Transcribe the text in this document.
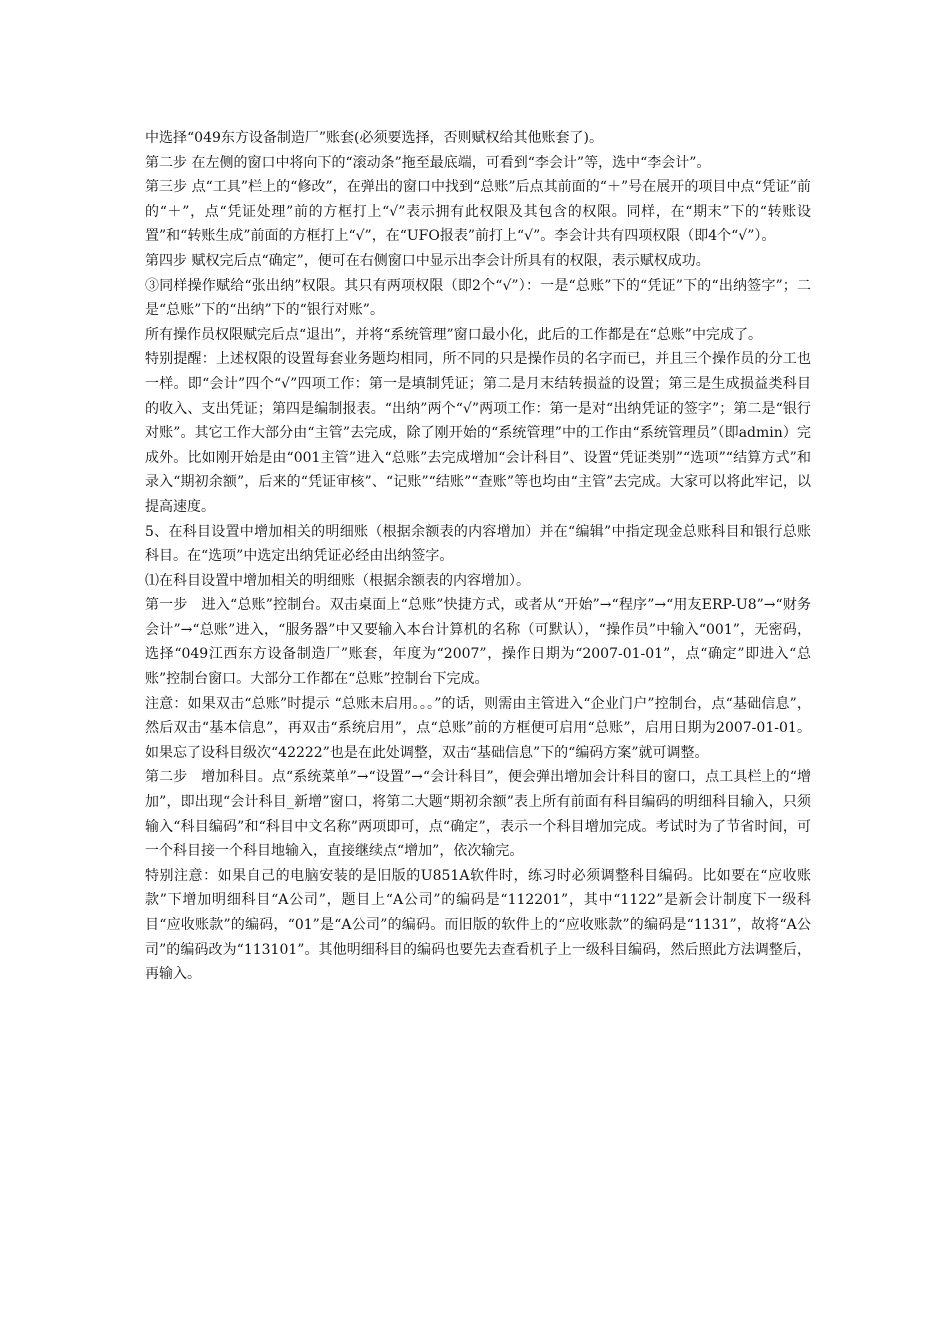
中选择“049东方设备制造厂”账套(必须要选择，否则赋权给其他账套了)。

第二步 在左侧的窗口中将向下的“滚动条”拖至最底端，可看到“李会计”等，选中“李会计”。

第三步 点“工具”栏上的“修改”，在弹出的窗口中找到“总账”后点其前面的“＋”号在展开的项目中点“凭证”前的“＋”，点“凭证处理”前的方框打上“√”表示拥有此权限及其包含的权限。同样，在“期末”下的“转账设置”和“转账生成”前面的方框打上“√”，在“UFO报表”前打上“√”。李会计共有四项权限（即4个“√”）。

第四步 赋权完后点“确定”，便可在右侧窗口中显示出李会计所具有的权限，表示赋权成功。

③同样操作赋给“张出纳”权限。其只有两项权限（即2个“√”）：一是“总账”下的“凭证”下的“出纳签字”；二是“总账”下的“出纳”下的“银行对账”。

所有操作员权限赋完后点“退出”，并将“系统管理”窗口最小化，此后的工作都是在“总账”中完成了。

特别提醒：上述权限的设置每套业务题均相同，所不同的只是操作员的名字而已，并且三个操作员的分工也一样。即“会计”四个“√”四项工作：第一是填制凭证；第二是月末结转损益的设置；第三是生成损益类科目的收入、支出凭证；第四是编制报表。“出纳”两个“√”两项工作：第一是对“出纳凭证的签字”；第二是“银行对账”。其它工作大部分由“主管”去完成，除了刚开始的“系统管理”中的工作由“系统管理员”（即admin）完成外。比如刚开始是由“001主管”进入“总账”去完成增加“会计科目”、设置“凭证类别”“选项”“结算方式”和录入“期初余额”，后来的“凭证审核”、“记账”“结账”“查账”等也均由“主管”去完成。大家可以将此牢记，以提高速度。

5、在科目设置中增加相关的明细账（根据余额表的内容增加）并在“编辑”中指定现金总账科目和银行总账科目。在“选项”中选定出纳凭证必经由出纳签字。

⑴在科目设置中增加相关的明细账（根据余额表的内容增加）。

第一步　进入“总账”控制台。双击桌面上“总账”快捷方式，或者从“开始”→“程序”→“用友ERP-U8”→“财务会计”→“总账”进入，“服务器”中又要输入本台计算机的名称（可默认），“操作员”中输入“001”，无密码，选择“049江西东方设备制造厂”账套，年度为“2007”，操作日期为“2007-01-01”，点“确定”即进入“总账”控制台窗口。大部分工作都在“总账”控制台下完成。

注意：如果双击“总账”时提示 “总账未启用。。。”的话，则需由主管进入“企业门户”控制台，点“基础信息”，然后双击“基本信息”，再双击“系统启用”，点“总账”前的方框便可启用“总账”，启用日期为2007-01-01。如果忘了设科目级次“42222”也是在此处调整，双击“基础信息”下的“编码方案”就可调整。

第二步　增加科目。点“系统菜单”→“设置”→“会计科目”，便会弹出增加会计科目的窗口，点工具栏上的“增加”，即出现“会计科目_新增”窗口，将第二大题“期初余额”表上所有前面有科目编码的明细科目输入，只须输入“科目编码”和“科目中文名称”两项即可，点“确定”，表示一个科目增加完成。考试时为了节省时间，可一个科目接一个科目地输入，直接继续点“增加”，依次输完。

特别注意：如果自己的电脑安装的是旧版的U851A软件时，练习时必须调整科目编码。比如要在“应收账款”下增加明细科目“A公司”，题目上“A公司”的编码是“112201”，其中“1122”是新会计制度下一级科目“应收账款”的编码，“01”是“A公司”的编码。而旧版的软件上的“应收账款”的编码是“1131”，故将“A公司”的编码改为“113101”。其他明细科目的编码也要先去查看机子上一级科目编码，然后照此方法调整后，再输入。
